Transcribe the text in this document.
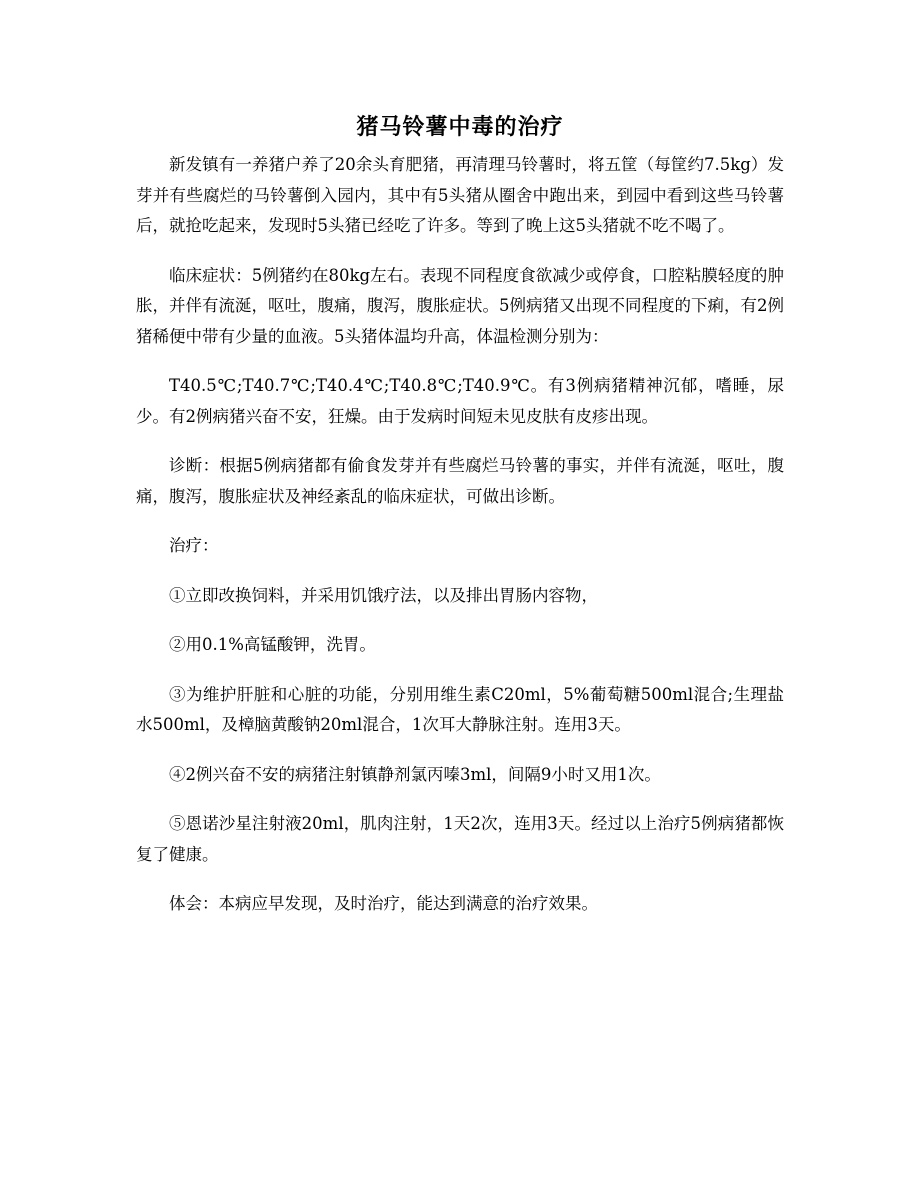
猪马铃薯中毒的治疗

新发镇有一养猪户养了20余头育肥猪，再清理马铃薯时，将五筐（每筐约7.5kg）发芽并有些腐烂的马铃薯倒入园内，其中有5头猪从圈舍中跑出来，到园中看到这些马铃薯后，就抢吃起来，发现时5头猪已经吃了许多。等到了晚上这5头猪就不吃不喝了。

临床症状：5例猪约在80kg左右。表现不同程度食欲减少或停食，口腔粘膜轻度的肿胀，并伴有流涎，呕吐，腹痛，腹泻，腹胀症状。5例病猪又出现不同程度的下痢，有2例猪稀便中带有少量的血液。5头猪体温均升高，体温检测分别为：

T40.5℃;T40.7℃;T40.4℃;T40.8℃;T40.9℃。有3例病猪精神沉郁，嗜睡，尿少。有2例病猪兴奋不安，狂燥。由于发病时间短未见皮肤有皮疹出现。

诊断：根据5例病猪都有偷食发芽并有些腐烂马铃薯的事实，并伴有流涎，呕吐，腹痛，腹泻，腹胀症状及神经紊乱的临床症状，可做出诊断。

治疗：

①立即改换饲料，并采用饥饿疗法，以及排出胃肠内容物，

②用0.1%高锰酸钾，洗胃。

③为维护肝脏和心脏的功能，分别用维生素C20ml，5%葡萄糖500ml混合;生理盐水500ml，及樟脑黄酸钠20ml混合，1次耳大静脉注射。连用3天。

④2例兴奋不安的病猪注射镇静剂氯丙嗪3ml，间隔9小时又用1次。

⑤恩诺沙星注射液20ml，肌肉注射，1天2次，连用3天。经过以上治疗5例病猪都恢复了健康。

体会：本病应早发现，及时治疗，能达到满意的治疗效果。
